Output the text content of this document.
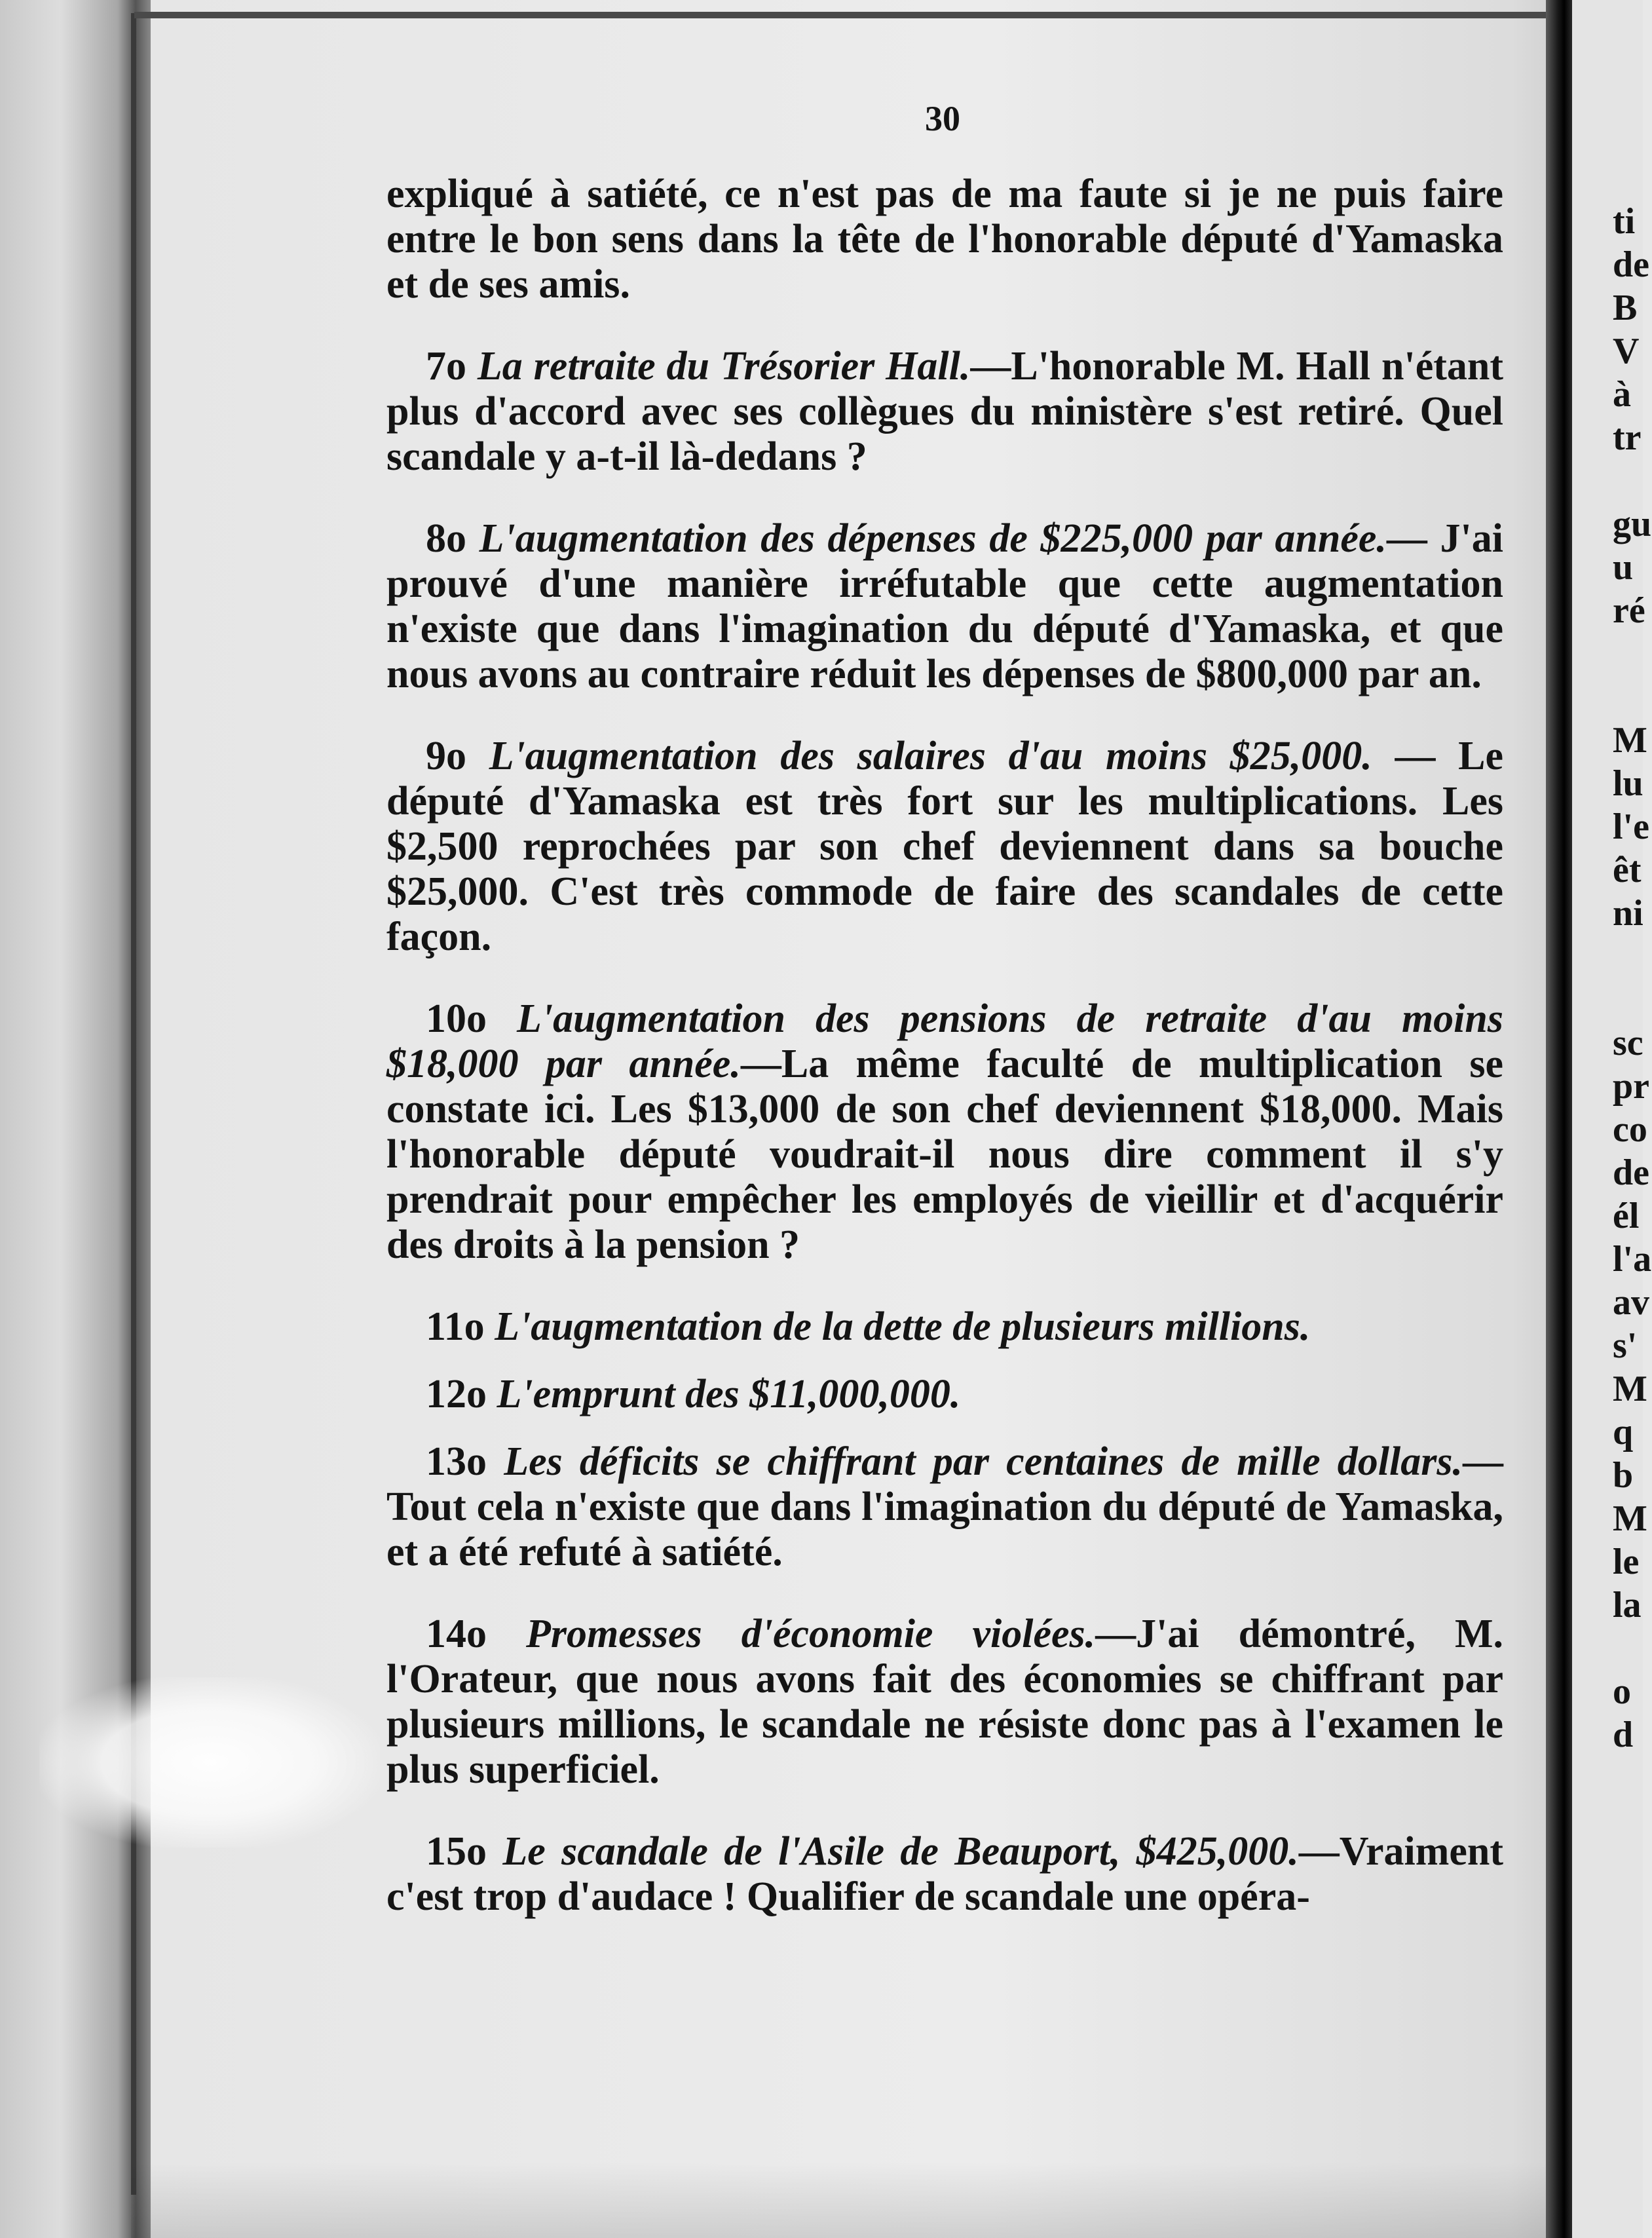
30

expliqué à satiété, ce n'est pas de ma faute si je ne puis faire entre le bon sens dans la tête de l'honorable député d'Yamaska et de ses amis.

7o La retraite du Trésorier Hall.—L'honorable M. Hall n'étant plus d'accord avec ses collègues du ministère s'est retiré. Quel scandale y a-t-il là-dedans ?

8o L'augmentation des dépenses de $225,000 par année.— J'ai prouvé d'une manière irréfutable que cette augmentation n'existe que dans l'imagination du député d'Yamaska, et que nous avons au contraire réduit les dépenses de $800,000 par an.

9o L'augmentation des salaires d'au moins $25,000. — Le député d'Yamaska est très fort sur les multiplications. Les $2,500 reprochées par son chef deviennent dans sa bouche $25,000. C'est très commode de faire des scandales de cette façon.

10o L'augmentation des pensions de retraite d'au moins $18,000 par année.—La même faculté de multiplication se constate ici. Les $13,000 de son chef deviennent $18,000. Mais l'honorable député voudrait-il nous dire comment il s'y prendrait pour empêcher les employés de vieillir et d'acquérir des droits à la pension ?

11o L'augmentation de la dette de plusieurs millions.

12o L'emprunt des $11,000,000.

13o Les déficits se chiffrant par centaines de mille dollars.— Tout cela n'existe que dans l'imagination du député de Yamaska, et a été refuté à satiété.

14o Promesses d'économie violées.—J'ai démontré, M. l'Orateur, que nous avons fait des économies se chiffrant par plusieurs millions, le scandale ne résiste donc pas à l'examen le plus superficiel.

15o Le scandale de l'Asile de Beauport, $425,000.—Vraiment c'est trop d'audace ! Qualifier de scandale une opéra-

ti
de
B
V
à
tr
gu
u
ré
M
lu
l'e
êt
ni
sc
pr
co
de
él
l'a
av
s'
M
q
b
M
le
la
o
d
